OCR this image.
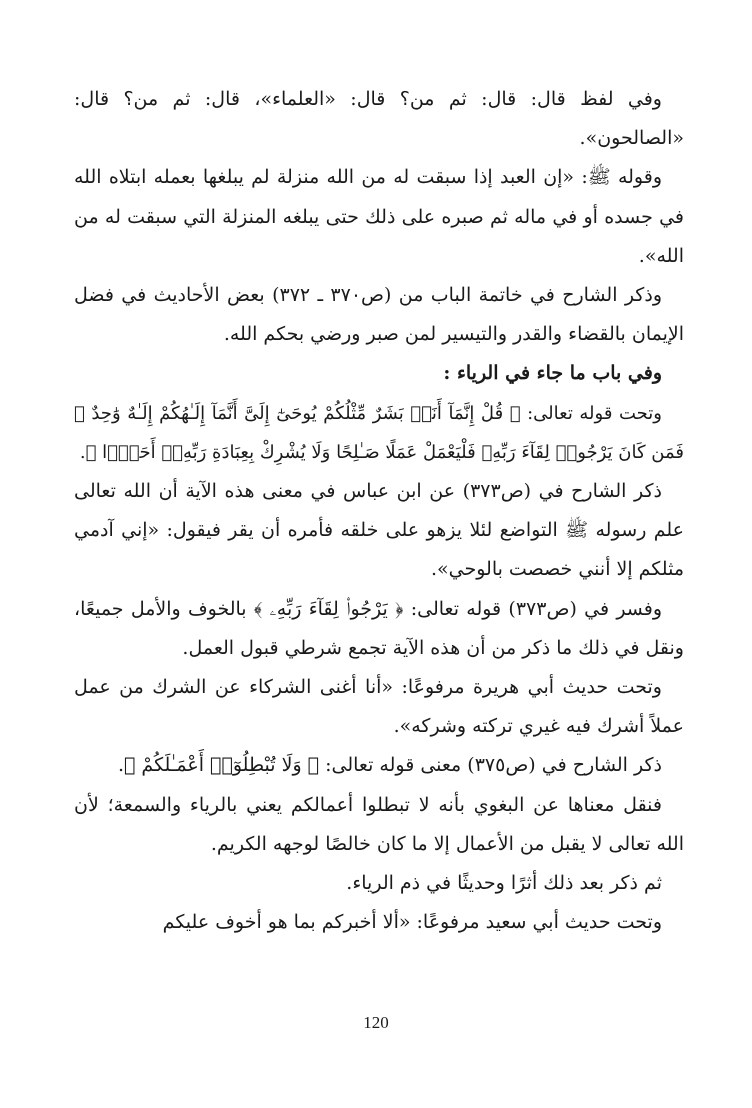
وفي لفظ قال: قال: ثم من؟ قال: «العلماء»، قال: ثم من؟ قال: «الصالحون».

وقوله ﷺ: «إن العبد إذا سبقت له من الله منزلة لم يبلغها بعمله ابتلاه الله في جسده أو في ماله ثم صبره على ذلك حتى يبلغه المنزلة التي سبقت له من الله».

وذكر الشارح في خاتمة الباب من (ص٣٧٠ ـ ٣٧٢) بعض الأحاديث في فضل الإيمان بالقضاء والقدر والتيسير لمن صبر ورضي بحكم الله.

وفي باب ما جاء في الرياء :

وتحت قوله تعالى: ﴿ قُلْ إِنَّمَآ أَنَا۠ بَشَرٌ مِّثْلُكُمْ يُوحَىٰٓ إِلَىَّ أَنَّمَآ إِلَـٰهُكُمْ إِلَـٰهٌ وَٰحِدٌ ۖ فَمَن كَانَ يَرْجُوا۟ لِقَآءَ رَبِّهِۦ فَلْيَعْمَلْ عَمَلًا صَـٰلِحًا وَلَا يُشْرِكْ بِعِبَادَةِ رَبِّهِۦٓ أَحَدًۢا ﴾.

ذكر الشارح في (ص٣٧٣) عن ابن عباس في معنى هذه الآية أن الله تعالى علم رسوله ﷺ التواضع لئلا يزهو على خلقه فأمره أن يقر فيقول: «إني آدمي مثلكم إلا أنني خصصت بالوحي».

وفسر في (ص٣٧٣) قوله تعالى: ﴿ يَرْجُوا۟ لِقَآءَ رَبِّهِۦ ﴾ بالخوف والأمل جميعًا، ونقل في ذلك ما ذكر من أن هذه الآية تجمع شرطي قبول العمل.

وتحت حديث أبي هريرة مرفوعًا: «أنا أغنى الشركاء عن الشرك من عمل عملاً أشرك فيه غيري تركته وشركه».

ذكر الشارح في (ص٣٧٥) معنى قوله تعالى: ﴿ وَلَا تُبْطِلُوٓا۟ أَعْمَـٰلَكُمْ ﴾.

فنقل معناها عن البغوي بأنه لا تبطلوا أعمالكم يعني بالرياء والسمعة؛ لأن الله تعالى لا يقبل من الأعمال إلا ما كان خالصًا لوجهه الكريم.

ثم ذكر بعد ذلك أثرًا وحديثًا في ذم الرياء.

وتحت حديث أبي سعيد مرفوعًا: «ألا أخبركم بما هو أخوف عليكم

120
